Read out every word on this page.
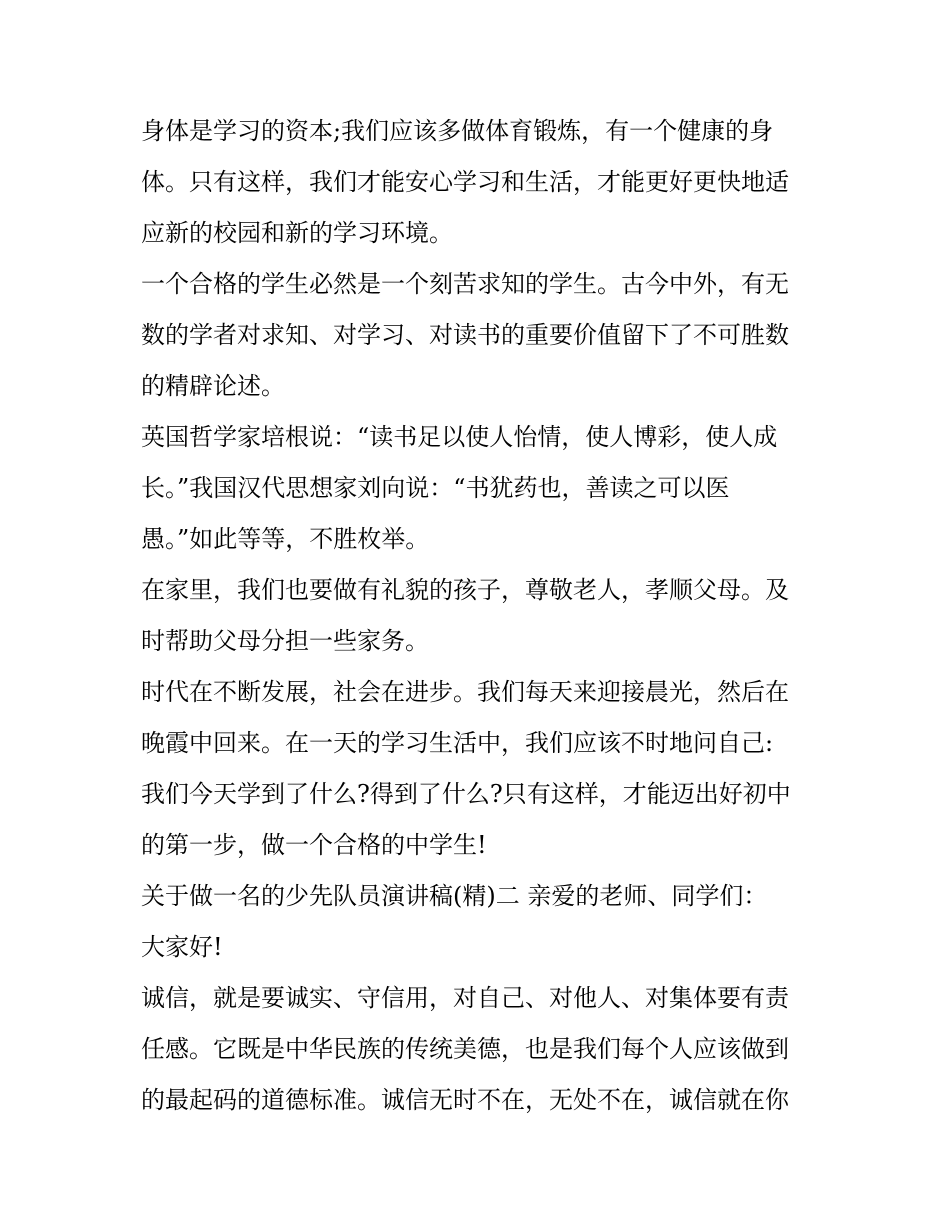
身体是学习的资本;我们应该多做体育锻炼，有一个健康的身
体。只有这样，我们才能安心学习和生活，才能更好更快地适
应新的校园和新的学习环境。
一个合格的学生必然是一个刻苦求知的学生。古今中外，有无
数的学者对求知、对学习、对读书的重要价值留下了不可胜数
的精辟论述。
英国哲学家培根说：“读书足以使人怡情，使人博彩，使人成
长。”我国汉代思想家刘向说：“书犹药也，善读之可以医
愚。”如此等等，不胜枚举。
在家里，我们也要做有礼貌的孩子，尊敬老人，孝顺父母。及
时帮助父母分担一些家务。
时代在不断发展，社会在进步。我们每天来迎接晨光，然后在
晚霞中回来。在一天的学习生活中，我们应该不时地问自己:
我们今天学到了什么?得到了什么?只有这样，才能迈出好初中
的第一步，做一个合格的中学生!
关于做一名的少先队员演讲稿(精)二 亲爱的老师、同学们：
大家好!
诚信，就是要诚实、守信用，对自己、对他人、对集体要有责
任感。它既是中华民族的传统美德，也是我们每个人应该做到
的最起码的道德标准。诚信无时不在，无处不在，诚信就在你
